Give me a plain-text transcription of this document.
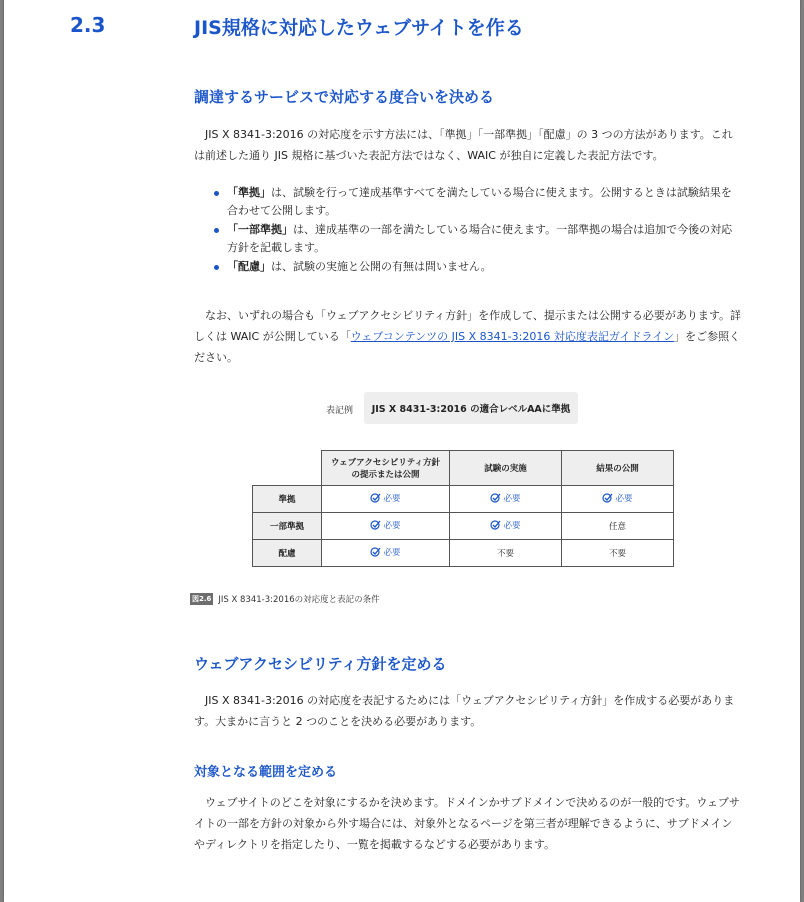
2.3	JIS規格に対応したウェブサイトを作る
調達するサービスで対応する度合いを決める

JIS X 8341-3:2016 の対応度を示す方法には、「準拠」「一部準拠」「配慮」の 3 つの方法があります。これは前述した通り JIS 規格に基づいた表記方法ではなく、WAIC が独自に定義した表記方法です。

「準拠」は、試験を行って達成基準すべてを満たしている場合に使えます。公開するときは試験結果を合わせて公開します。
「一部準拠」は、達成基準の一部を満たしている場合に使えます。一部準拠の場合は追加で今後の対応方針を記載します。
「配慮」は、試験の実施と公開の有無は問いません。

なお、いずれの場合も「ウェブアクセシビリティ方針」を作成して、提示または公開する必要があります。詳しくは WAIC が公開している「ウェブコンテンツの JIS X 8341-3:2016 対応度表記ガイドライン」をご参照ください。

表記例	JIS X 8431-3:2016 の適合レベルAAに準拠
	ウェブアクセシビリティ方針の提示または公開	試験の実施	結果の公開
準拠	必要	必要	必要

一部準拠	必要	必要	任意
配慮	必要	不要	不要
図2.6 JIS X 8341-3:2016の対応度と表記の条件
ウェブアクセシビリティ方針を定める

JIS X 8341-3:2016 の対応度を表記するためには「ウェブアクセシビリティ方針」を作成する必要があります。大まかに言うと 2 つのことを決める必要があります。

対象となる範囲を定める

ウェブサイトのどこを対象にするかを決めます。ドメインかサブドメインで決めるのが一般的です。ウェブサイトの一部を方針の対象から外す場合には、対象外となるページを第三者が理解できるように、サブドメインやディレクトリを指定したり、一覧を掲載するなどする必要があります。
